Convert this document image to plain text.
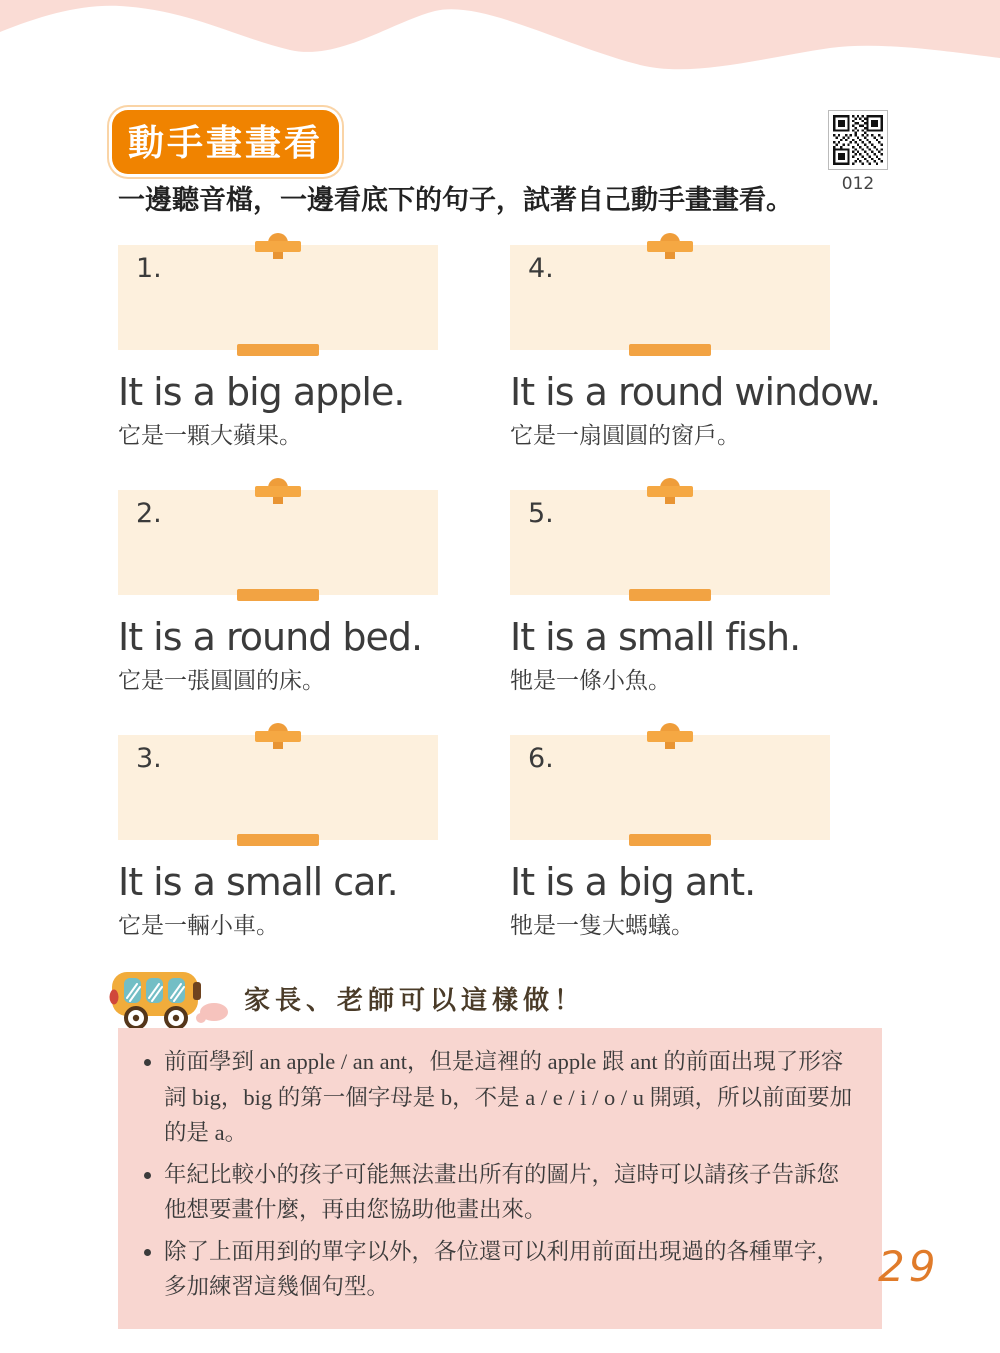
動手畫畫看
012
一邊聽音檔，一邊看底下的句子，試著自己動手畫畫看。
1.
It is a big apple.
它是一顆大蘋果。
4.
It is a round window.
它是一扇圓圓的窗戶。
2.
It is a round bed.
它是一張圓圓的床。
5.
It is a small fish.
牠是一條小魚。
3.
It is a small car.
它是一輛小車。
6.
It is a big ant.
牠是一隻大螞蟻。
家長、老師可以這樣做！
• 前面學到 an apple / an ant，但是這裡的 apple 跟 ant 的前面出現了形容詞 big，big 的第一個字母是 b，不是 a / e / i / o / u 開頭，所以前面要加的是 a。
• 年紀比較小的孩子可能無法畫出所有的圖片，這時可以請孩子告訴您他想要畫什麼，再由您協助他畫出來。
• 除了上面用到的單字以外，各位還可以利用前面出現過的各種單字，多加練習這幾個句型。	29
